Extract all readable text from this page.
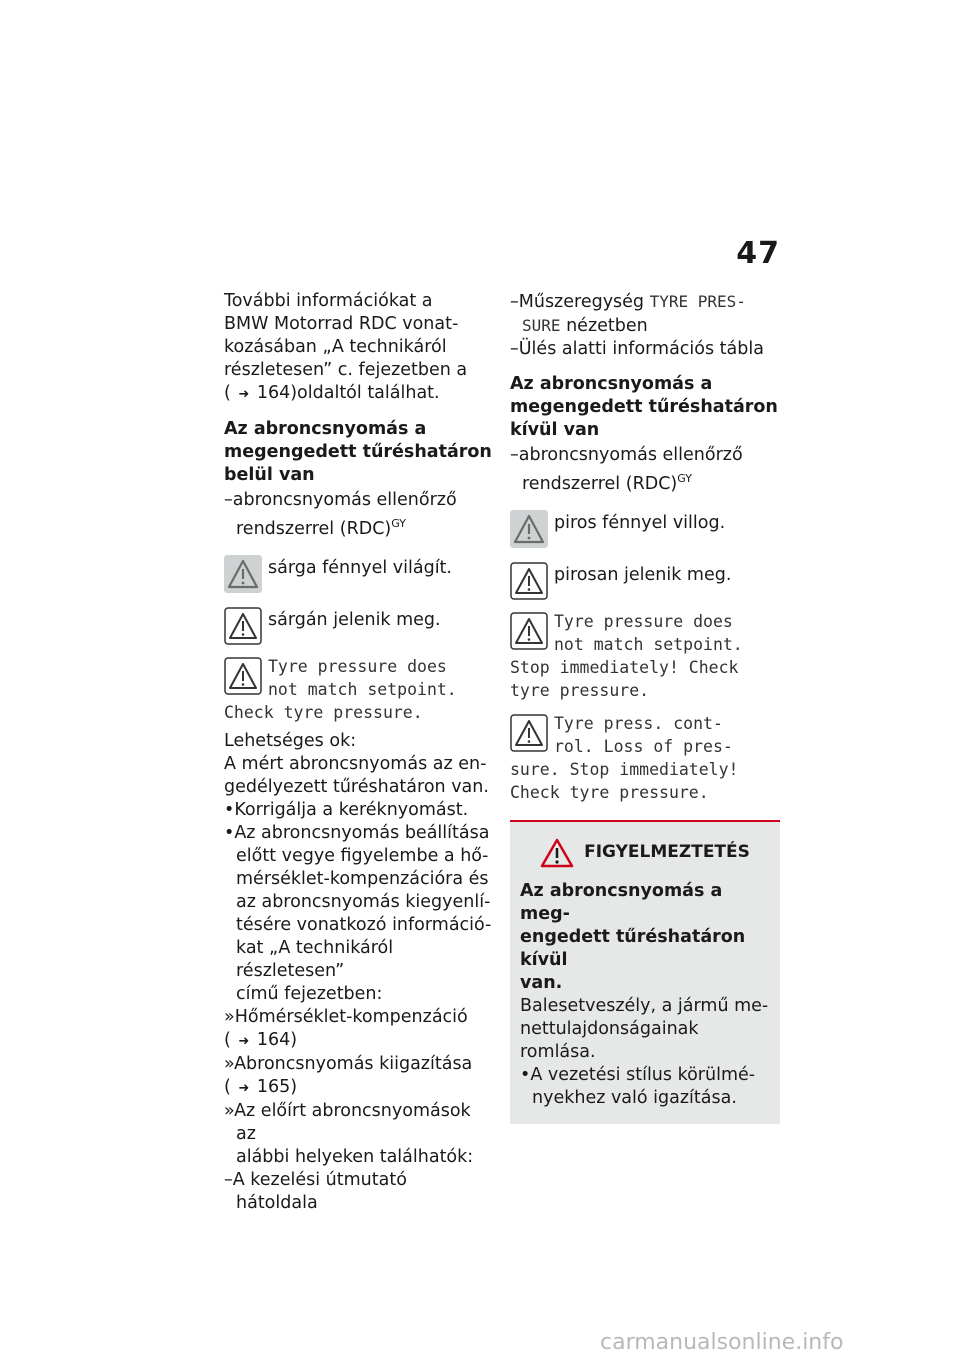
47

További információkat a
BMW Motorrad RDC vonat-
kozásában „A technikáról
részletesen” c. fejezetben a

( ➜ 164)oldaltól találhat.

Az abroncsnyomás a
megengedett tűréshatáron
belül van

–abroncsnyomás ellenőrző
rendszerrel (RDC)$^{GY}$

sárga fénnyel világít.
sárgán jelenik meg.
Tyre pressure does
not match setpoint.
Check tyre pressure.

Lehetséges ok:

A mért abroncsnyomás az en-
gedélyezett tűréshatáron van.

•Korrigálja a keréknyomást.

•Az abroncsnyomás beállítása
előtt vegye figyelembe a hő-
mérséklet-kompenzációra és
az abroncsnyomás kiegyenlí-
tésére vonatkozó információ-
kat „A technikáról részletesen”
című fejezetben:

»Hőmérséklet-kompenzáció

( ➜ 164)

»Abroncsnyomás kiigazítása

( ➜ 165)

»Az előírt abroncsnyomások az
alábbi helyeken találhatók:

–A kezelési útmutató hátoldala

–Műszeregység TYRE PRES-
SURE nézetben

–Ülés alatti információs tábla

Az abroncsnyomás a
megengedett tűréshatáron
kívül van

–abroncsnyomás ellenőrző
rendszerrel (RDC)$^{GY}$

piros fénnyel villog.
pirosan jelenik meg.
Tyre pressure does
not match setpoint.
Stop immediately! Check
tyre pressure.
Tyre press. cont-
rol. Loss of pres-
sure. Stop immediately!
Check tyre pressure.
FIGYELMEZTETÉS

Az abroncsnyomás a meg-
engedett tűréshatáron kívül
van.

Balesetveszély, a jármű me-
nettulajdonságainak romlása.

•A vezetési stílus körülmé-
nyekhez való igazítása.

carmanualsonline.info
